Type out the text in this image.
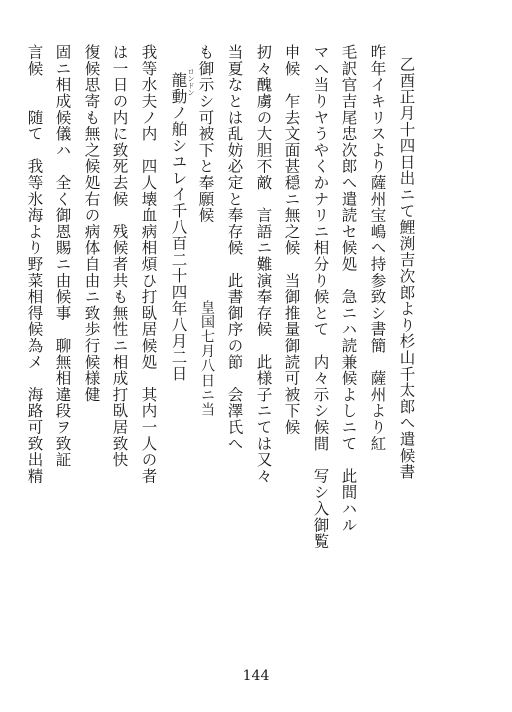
乙酉正月十四日出ニて鯉渕吉次郎より杉山千太郎へ遣候書
昨年イキリスより薩州宝嶋へ持参致シ書簡　薩州より紅
毛訳官吉尾忠次郎へ遣読セ候処　急ニハ読兼候よしニて　此間ハル
マへ当りヤうやくかナリニ相分り候とて　内々示シ候間　写シ入御覧
申候　乍去文面甚穏ニ無之候　当御推量御読可被下候
扨々醜虜の大胆不敵　言語ニ難演奉存候　此様子ニては又々
当夏なとは乱妨必定と奉存候　此書御序の節　会澤氏へ
も御示シ可被下と奉願候
皇国七月八日ニ当
ロンドン
龍動ノ舶シユレイ千八百二十四年八月二日
我等水夫ノ内　四人壊血病相煩ひ打臥居候処　其内一人の者
は一日の内に致死去候　残候者共も無性ニ相成打臥居致快
復候思寄も無之候処右の病体自由ニ致歩行候様健
固ニ相成候儀ハ　全く御恩賜ニ由候事　聊無相違段ヲ致証
言候　　随て　我等氷海より野菜相得候為メ　海路可致出精
144
